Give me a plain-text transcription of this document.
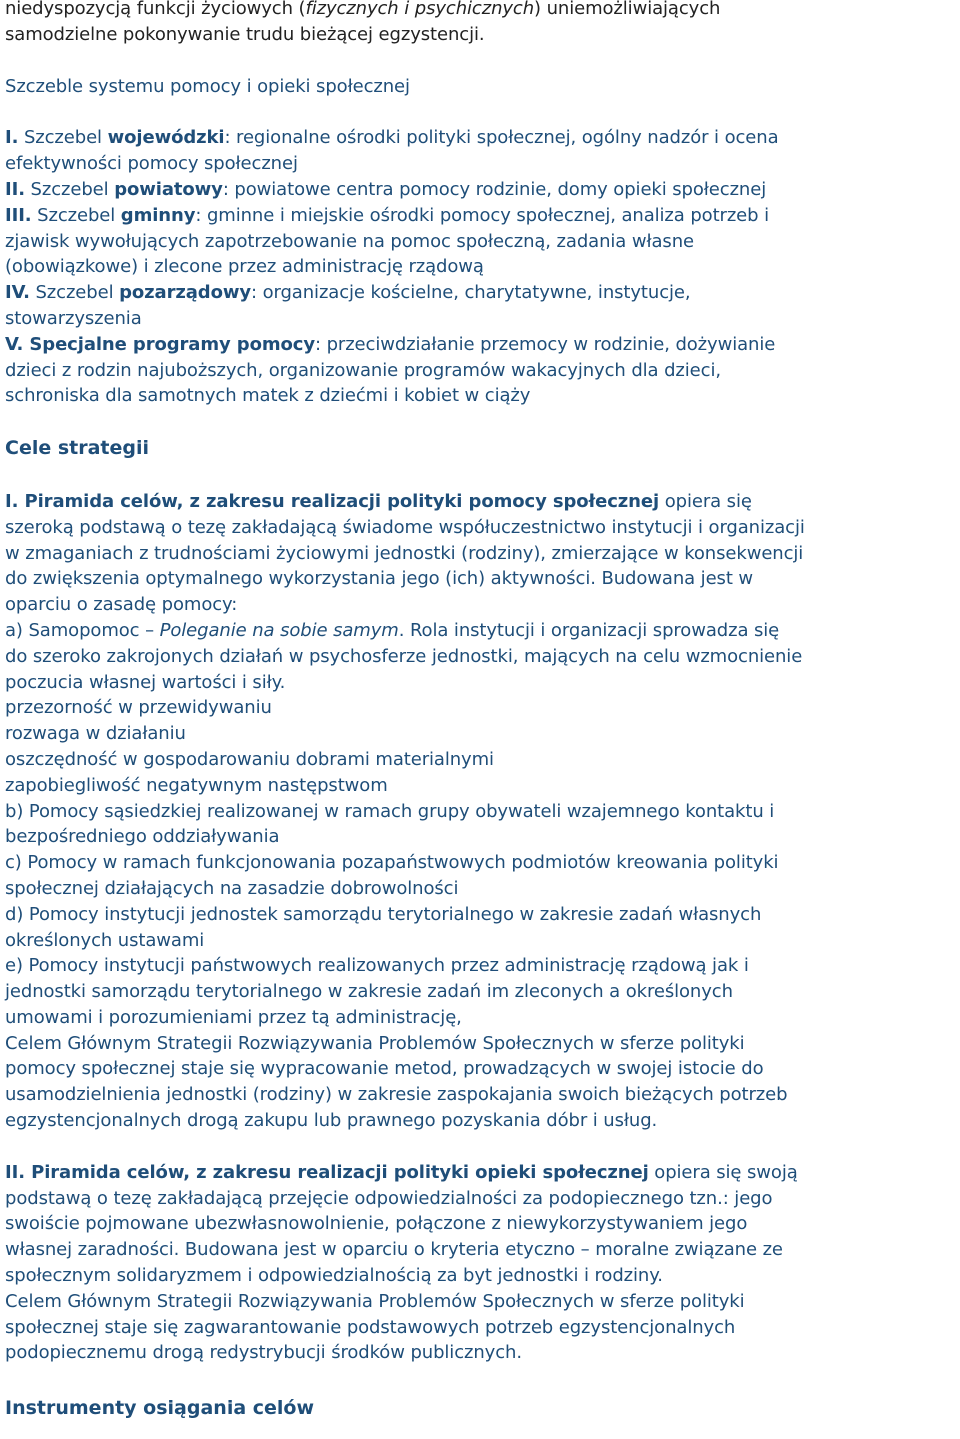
niedyspozycją funkcji życiowych (fizycznych i psychicznych) uniemożliwiających
samodzielne pokonywanie trudu bieżącej egzystencji.
Szczeble systemu pomocy i opieki społecznej
I. Szczebel wojewódzki: regionalne ośrodki polityki społecznej, ogólny nadzór i ocena
efektywności pomocy społecznej
II. Szczebel powiatowy: powiatowe centra pomocy rodzinie, domy opieki społecznej
III. Szczebel gminny: gminne i miejskie ośrodki pomocy społecznej, analiza potrzeb i
zjawisk wywołujących zapotrzebowanie na pomoc społeczną, zadania własne
(obowiązkowe) i zlecone przez administrację rządową
IV. Szczebel pozarządowy: organizacje kościelne, charytatywne, instytucje,
stowarzyszenia
V. Specjalne programy pomocy: przeciwdziałanie przemocy w rodzinie, dożywianie
dzieci z rodzin najuboższych, organizowanie programów wakacyjnych dla dzieci,
schroniska dla samotnych matek z dziećmi i kobiet w ciąży
Cele strategii
I. Piramida celów, z zakresu realizacji polityki pomocy społecznej opiera się
szeroką podstawą o tezę zakładającą świadome współuczestnictwo instytucji i organizacji
w zmaganiach z trudnościami życiowymi jednostki (rodziny), zmierzające w konsekwencji
do zwiększenia optymalnego wykorzystania jego (ich) aktywności. Budowana jest w
oparciu o zasadę pomocy:
a) Samopomoc – Poleganie na sobie samym. Rola instytucji i organizacji sprowadza się
do szeroko zakrojonych działań w psychosferze jednostki, mających na celu wzmocnienie
poczucia własnej wartości i siły.
przezorność w przewidywaniu
rozwaga w działaniu
oszczędność w gospodarowaniu dobrami materialnymi
zapobiegliwość negatywnym następstwom
b) Pomocy sąsiedzkiej realizowanej w ramach grupy obywateli wzajemnego kontaktu i
bezpośredniego oddziaływania
c) Pomocy w ramach funkcjonowania pozapaństwowych podmiotów kreowania polityki
społecznej działających na zasadzie dobrowolności
d) Pomocy instytucji jednostek samorządu terytorialnego w zakresie zadań własnych
określonych ustawami
e) Pomocy instytucji państwowych realizowanych przez administrację rządową jak i
jednostki samorządu terytorialnego w zakresie zadań im zleconych a określonych
umowami i porozumieniami przez tą administrację,
Celem Głównym Strategii Rozwiązywania Problemów Społecznych w sferze polityki
pomocy społecznej staje się wypracowanie metod, prowadzących w swojej istocie do
usamodzielnienia jednostki (rodziny) w zakresie zaspokajania swoich bieżących potrzeb
egzystencjonalnych drogą zakupu lub prawnego pozyskania dóbr i usług.
II. Piramida celów, z zakresu realizacji polityki opieki społecznej opiera się swoją
podstawą o tezę zakładającą przejęcie odpowiedzialności za podopiecznego tzn.: jego
swoiście pojmowane ubezwłasnowolnienie, połączone z niewykorzystywaniem jego
własnej zaradności. Budowana jest w oparciu o kryteria etyczno – moralne związane ze
społecznym solidaryzmem i odpowiedzialnością za byt jednostki i rodziny.
Celem Głównym Strategii Rozwiązywania Problemów Społecznych w sferze polityki
społecznej staje się zagwarantowanie podstawowych potrzeb egzystencjonalnych
podopiecznemu drogą redystrybucji środków publicznych.
Instrumenty osiągania celów
